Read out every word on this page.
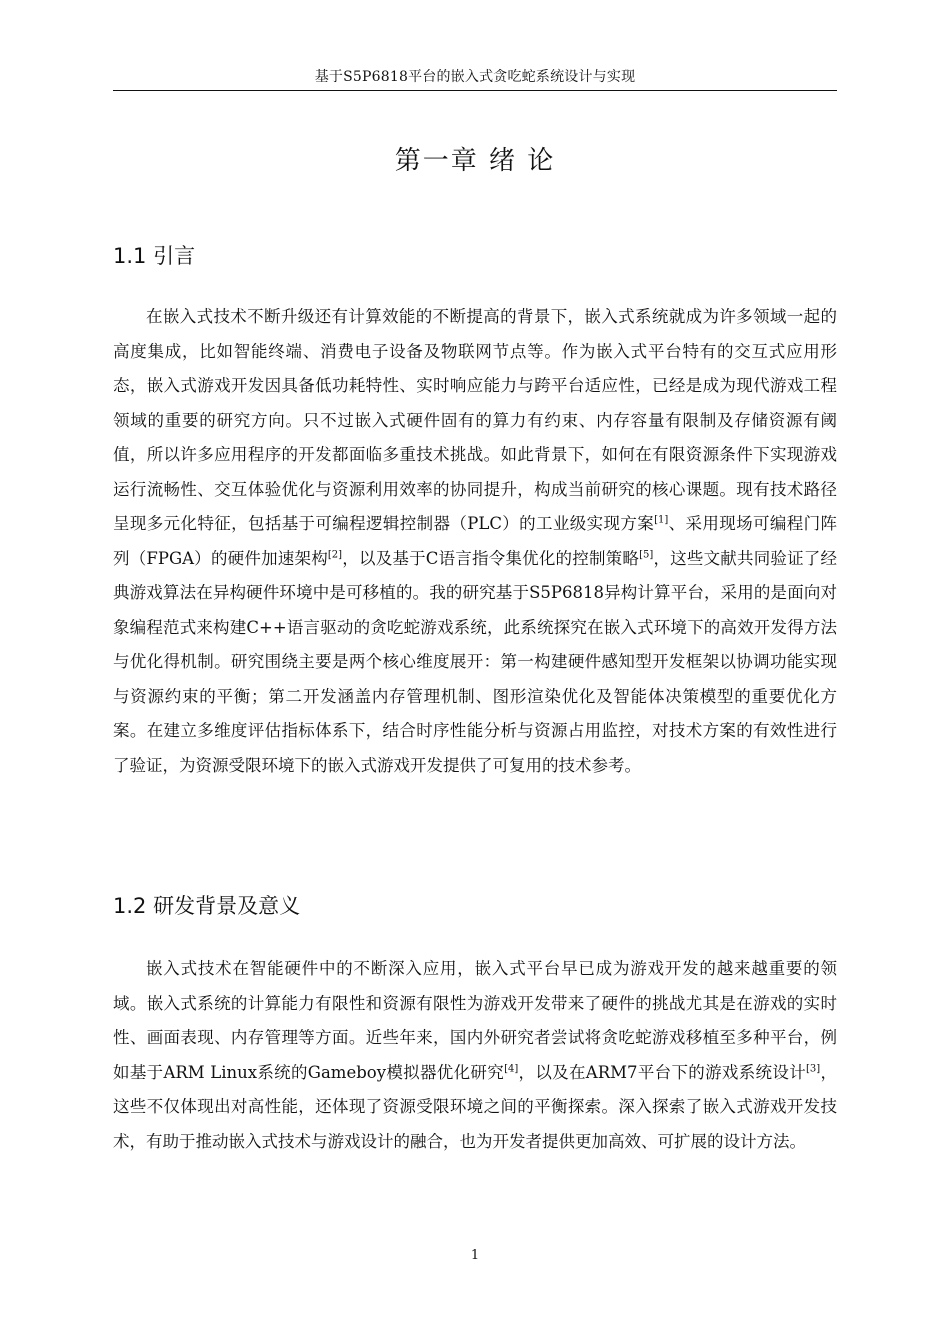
基于S5P6818平台的嵌入式贪吃蛇系统设计与实现
第一章 绪 论
1.1 引言

在嵌入式技术不断升级还有计算效能的不断提高的背景下，嵌入式系统就成为许多领域一起的高度集成，比如智能终端、消费电子设备及物联网节点等。作为嵌入式平台特有的交互式应用形态，嵌入式游戏开发因具备低功耗特性、实时响应能力与跨平台适应性，已经是成为现代游戏工程领域的重要的研究方向。只不过嵌入式硬件固有的算力有约束、内存容量有限制及存储资源有阈值，所以许多应用程序的开发都面临多重技术挑战。如此背景下，如何在有限资源条件下实现游戏运行流畅性、交互体验优化与资源利用效率的协同提升，构成当前研究的核心课题。现有技术路径呈现多元化特征，包括基于可编程逻辑控制器（PLC）的工业级实现方案[1]、采用现场可编程门阵列（FPGA）的硬件加速架构[2]，以及基于C语言指令集优化的控制策略[5]，这些文献共同验证了经典游戏算法在异构硬件环境中是可移植的。我的研究基于S5P6818异构计算平台，采用的是面向对象编程范式来构建C++语言驱动的贪吃蛇游戏系统，此系统探究在嵌入式环境下的高效开发得方法与优化得机制。研究围绕主要是两个核心维度展开：第一构建硬件感知型开发框架以协调功能实现与资源约束的平衡；第二开发涵盖内存管理机制、图形渲染优化及智能体决策模型的重要优化方案。在建立多维度评估指标体系下，结合时序性能分析与资源占用监控，对技术方案的有效性进行了验证，为资源受限环境下的嵌入式游戏开发提供了可复用的技术参考。

1.2 研发背景及意义

嵌入式技术在智能硬件中的不断深入应用，嵌入式平台早已成为游戏开发的越来越重要的领域。嵌入式系统的计算能力有限性和资源有限性为游戏开发带来了硬件的挑战尤其是在游戏的实时性、画面表现、内存管理等方面。近些年来，国内外研究者尝试将贪吃蛇游戏移植至多种平台，例如基于ARM Linux系统的Gameboy模拟器优化研究[4]，以及在ARM7平台下的游戏系统设计[3]，这些不仅体现出对高性能，还体现了资源受限环境之间的平衡探索。深入探索了嵌入式游戏开发技术，有助于推动嵌入式技术与游戏设计的融合，也为开发者提供更加高效、可扩展的设计方法。

1
